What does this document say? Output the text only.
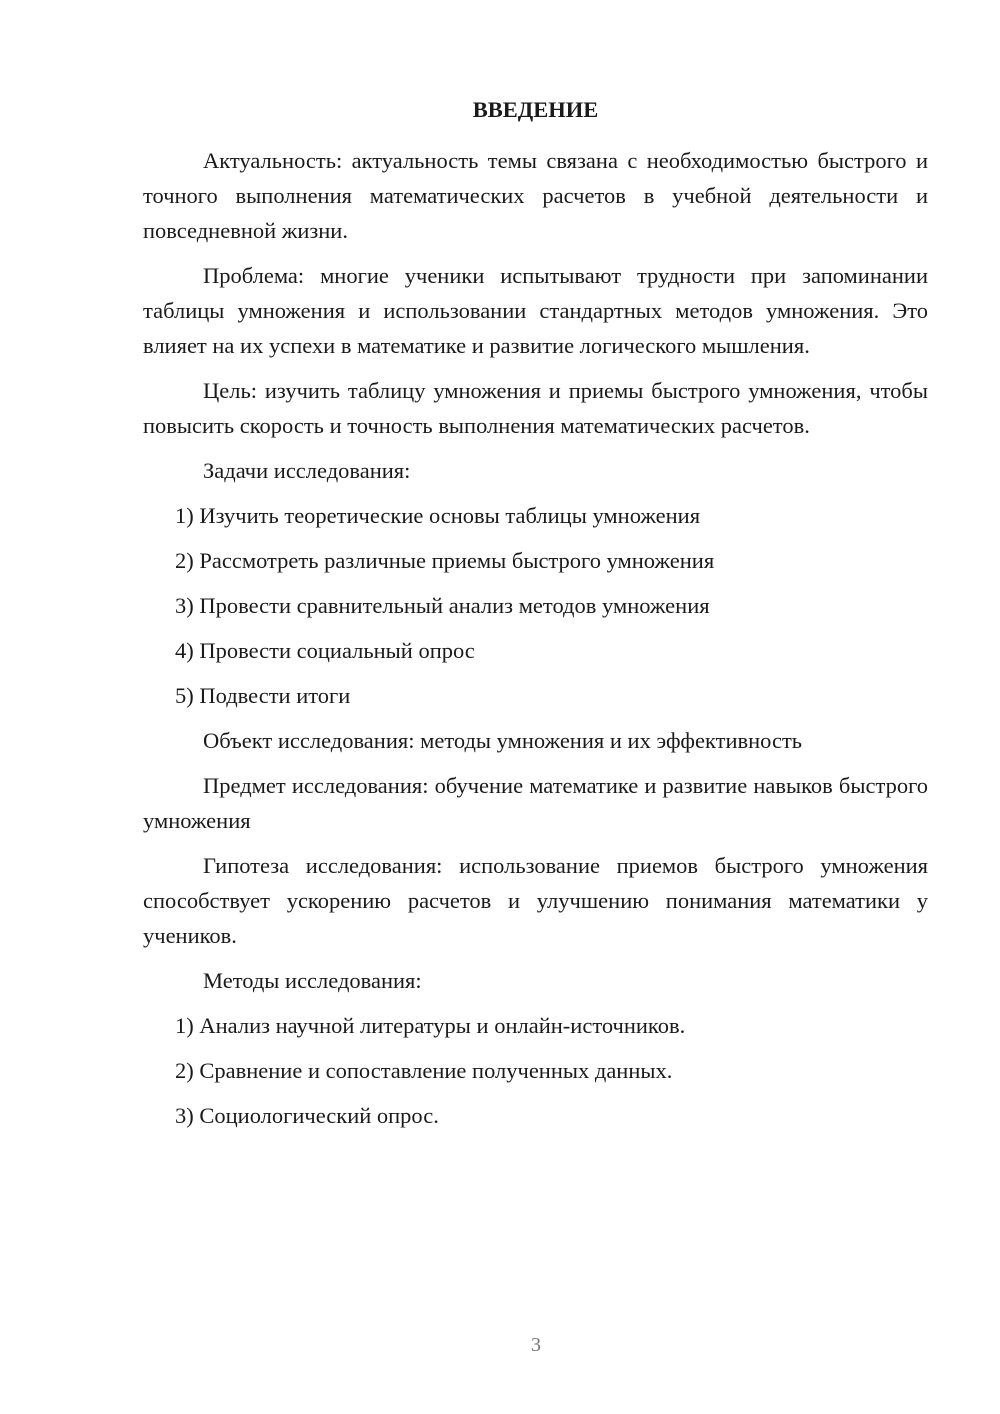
ВВЕДЕНИЕ

Актуальность: актуальность темы связана с необходимостью быстрого и точного выполнения математических расчетов в учебной деятельности и повседневной жизни.

Проблема: многие ученики испытывают трудности при запоминании таблицы умножения и использовании стандартных методов умножения. Это влияет на их успехи в математике и развитие логического мышления.

Цель: изучить таблицу умножения и приемы быстрого умножения, чтобы повысить скорость и точность выполнения математических расчетов.

Задачи исследования:

1) Изучить теоретические основы таблицы умножения
2) Рассмотреть различные приемы быстрого умножения
3) Провести сравнительный анализ методов умножения
4) Провести социальный опрос
5) Подвести итоги

Объект исследования: методы умножения и их эффективность

Предмет исследования: обучение математике и развитие навыков быстрого умножения

Гипотеза исследования: использование приемов быстрого умножения способствует ускорению расчетов и улучшению понимания математики у учеников.

Методы исследования:

1) Анализ научной литературы и онлайн-источников.
2) Сравнение и сопоставление полученных данных.
3) Социологический опрос.
3
